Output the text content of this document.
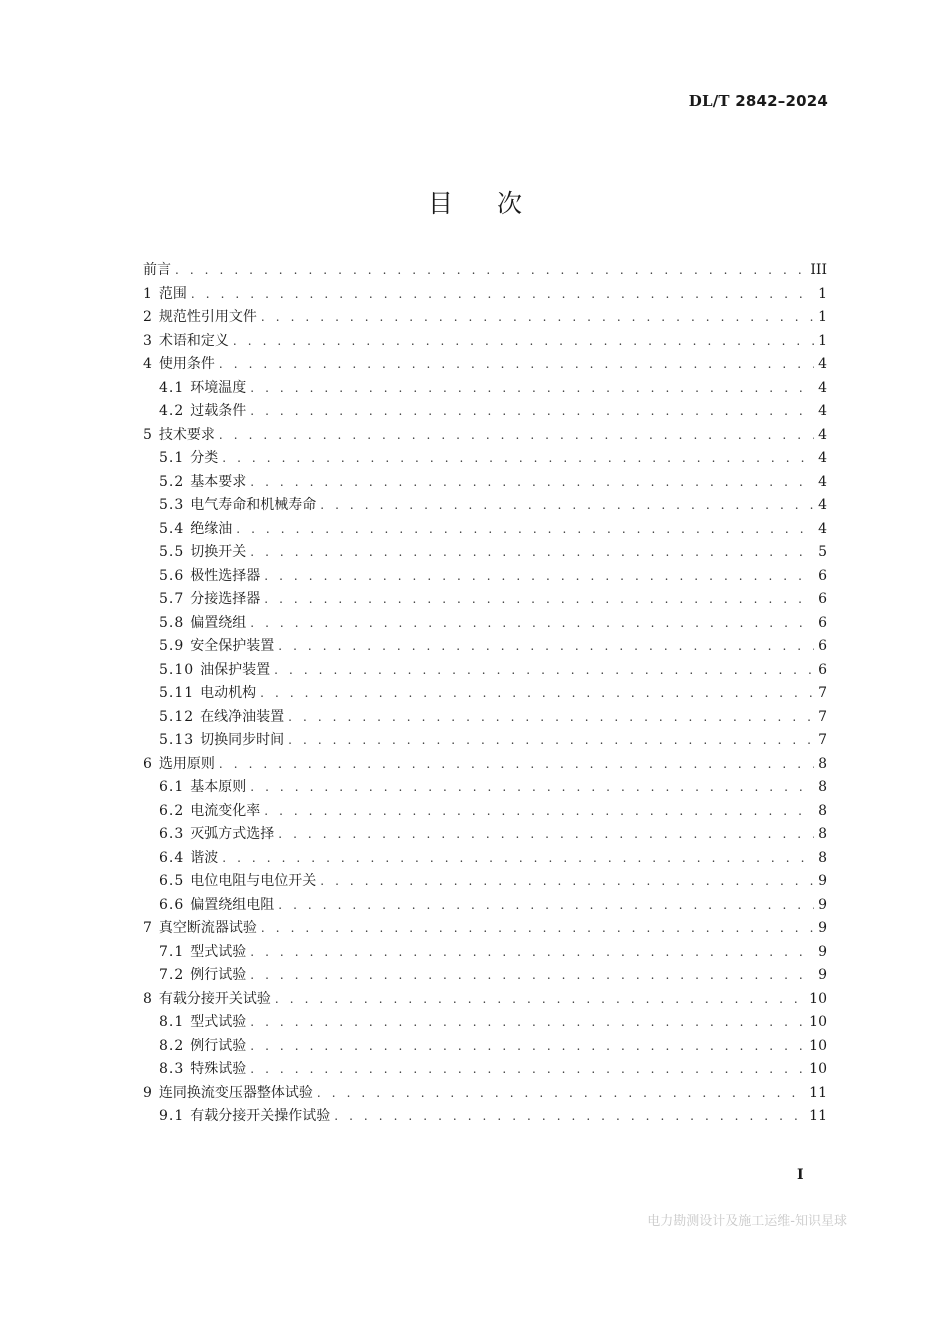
DL/T 2842–2024
目 次
前言 . . .	III
1 范围 . . .	1
2 规范性引用文件 . . .	1
3 术语和定义 . . .	1
4 使用条件 . . .	4
4.1 环境温度 . . .	4
4.2 过载条件 . . .	4
5 技术要求 . . .	4
5.1 分类 . . .	4
5.2 基本要求 . . .	4
5.3 电气寿命和机械寿命 . . .	4
5.4 绝缘油 . . .	4
5.5 切换开关 . . .	5
5.6 极性选择器 . . .	6
5.7 分接选择器 . . .	6
5.8 偏置绕组 . . .	6
5.9 安全保护装置 . . .	6
5.10 油保护装置 . . .	6
5.11 电动机构 . . .	7
5.12 在线净油装置 . . .	7
5.13 切换同步时间 . . .	7
6 选用原则 . . .	8
6.1 基本原则 . . .	8
6.2 电流变化率 . . .	8
6.3 灭弧方式选择 . . .	8
6.4 谐波 . . .	8
6.5 电位电阻与电位开关 . . .	9
6.6 偏置绕组电阻 . . .	9
7 真空断流器试验 . . .	9
7.1 型式试验 . . .	9
7.2 例行试验 . . .	9
8 有载分接开关试验 . . .	10
8.1 型式试验 . . .	10
8.2 例行试验 . . .	10
8.3 特殊试验 . . .	10
9 连同换流变压器整体试验 . . .	11
9.1 有载分接开关操作试验 . . .	11
I
电力勘测设计及施工运维-知识星球
